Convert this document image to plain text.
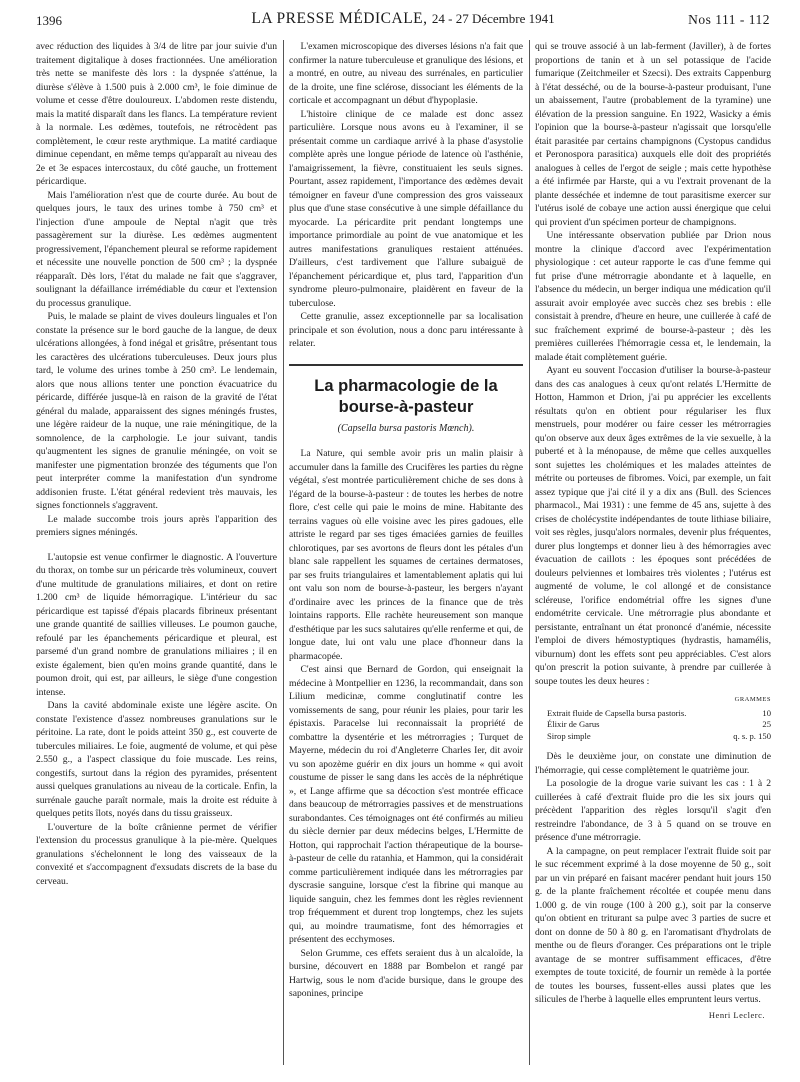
1396	LA PRESSE MÉDICALE, 24 - 27 Décembre 1941	Nos 111 - 112

avec réduction des liquides à 3/4 de litre par jour suivie d'un traitement digitalique à doses fractionnées. Une amélioration très nette se manifeste dès lors : la dyspnée s'atténue, la diurèse s'élève à 1.500 puis à 2.000 cm³, le foie diminue de volume et cesse d'être douloureux. L'abdomen reste distendu, mais la matité disparaît dans les flancs. La température revient à la normale. Les œdèmes, toutefois, ne rétrocèdent pas complètement, le cœur reste arythmique. La matité cardiaque diminue cependant, en même temps qu'apparaît au niveau des 2e et 3e espaces intercostaux, du côté gauche, un frottement péricardique.

Mais l'amélioration n'est que de courte durée. Au bout de quelques jours, le taux des urines tombe à 750 cm³ et l'injection d'une ampoule de Neptal n'agit que très passagèrement sur la diurèse. Les œdèmes augmentent progressivement, l'épanchement pleural se reforme rapidement et nécessite une nouvelle ponction de 500 cm³ ; la dyspnée réapparaît. Dès lors, l'état du malade ne fait que s'aggraver, soulignant la défaillance irrémédiable du cœur et l'extension du processus granulique.

Puis, le malade se plaint de vives douleurs linguales et l'on constate la présence sur le bord gauche de la langue, de deux ulcérations allongées, à fond inégal et grisâtre, présentant tous les caractères des ulcérations tuberculeuses. Deux jours plus tard, le volume des urines tombe à 250 cm³. Le lendemain, alors que nous allions tenter une ponction évacuatrice du péricarde, différée jusque-là en raison de la gravité de l'état général du malade, apparaissent des signes méningés frustes, une légère raideur de la nuque, une raie méningitique, de la somnolence, de la carphologie. Le jour suivant, tandis qu'augmentent les signes de granulie méningée, on voit se manifester une pigmentation bronzée des téguments que l'on peut interpréter comme la manifestation d'un syndrome addisonien fruste. L'état général redevient très mauvais, les signes fonctionnels s'aggravent.

Le malade succombe trois jours après l'apparition des premiers signes méningés.

L'autopsie est venue confirmer le diagnostic. A l'ouverture du thorax, on tombe sur un péricarde très volumineux, couvert d'une multitude de granulations miliaires, et dont on retire 1.200 cm³ de liquide hémorragique. L'intérieur du sac péricardique est tapissé d'épais placards fibrineux présentant une grande quantité de saillies villeuses. Le poumon gauche, refoulé par les épanchements péricardique et pleural, est parsemé d'un grand nombre de granulations miliaires ; il en existe également, bien qu'en moins grande quantité, dans le poumon droit, qui est, par ailleurs, le siège d'une congestion intense.

Dans la cavité abdominale existe une légère ascite. On constate l'existence d'assez nombreuses granulations sur le péritoine. La rate, dont le poids atteint 350 g., est couverte de tubercules miliaires. Le foie, augmenté de volume, et qui pèse 2.550 g., a l'aspect classique du foie muscade. Les reins, congestifs, surtout dans la région des pyramides, présentent aussi quelques granulations au niveau de la corticale. Enfin, la surrénale gauche paraît normale, mais la droite est réduite à quelques petits îlots, noyés dans du tissu graisseux.

L'ouverture de la boîte crânienne permet de vérifier l'extension du processus granulique à la pie-mère. Quelques granulations s'échelonnent le long des vaisseaux de la convexité et s'accompagnent d'exsudats discrets de la base du cerveau.

L'examen microscopique des diverses lésions n'a fait que confirmer la nature tuberculeuse et granulique des lésions, et a montré, en outre, au niveau des surrénales, en particulier de la droite, une fine sclérose, dissociant les éléments de la corticale et accompagnant un début d'hypoplasie.

L'histoire clinique de ce malade est donc assez particulière. Lorsque nous avons eu à l'examiner, il se présentait comme un cardiaque arrivé à la phase d'asystolie complète après une longue période de latence où l'asthénie, l'amaigrissement, la fièvre, constituaient les seuls signes. Pourtant, assez rapidement, l'importance des œdèmes devait témoigner en faveur d'une compression des gros vaisseaux plus que d'une stase consécutive à une simple défaillance du myocarde. La péricardite prit pendant longtemps une importance primordiale au point de vue anatomique et les autres manifestations granuliques restaient atténuées. D'ailleurs, c'est tardivement que l'allure subaiguë de l'épanchement péricardique et, plus tard, l'apparition d'un syndrome pleuro-pulmonaire, plaidèrent en faveur de la tuberculose.

Cette granulie, assez exceptionnelle par sa localisation principale et son évolution, nous a donc paru intéressante à relater.

La pharmacologie de la bourse-à-pasteur
(Capsella bursa pastoris Mœnch).

La Nature, qui semble avoir pris un malin plaisir à accumuler dans la famille des Crucifères les parties du règne végétal, s'est montrée particulièrement chiche de ses dons à l'égard de la bourse-à-pasteur : de toutes les herbes de notre flore, c'est celle qui paie le moins de mine. Habitante des terrains vagues où elle voisine avec les pires gadoues, elle attriste le regard par ses tiges émaciées garnies de feuilles chlorotiques, par ses avortons de fleurs dont les pétales d'un blanc sale rappellent les squames de certaines dermatoses, par ses fruits triangulaires et lamentablement aplatis qui lui ont valu son nom de bourse-à-pasteur, les bergers n'ayant d'ordinaire avec les princes de la finance que de très lointains rapports. Elle rachète heureusement son manque d'esthétique par les sucs salutaires qu'elle renferme et qui, de longue date, lui ont valu une place d'honneur dans la pharmacopée.

C'est ainsi que Bernard de Gordon, qui enseignait la médecine à Montpellier en 1236, la recommandait, dans son Lilium medicinæ, comme conglutinatif contre les vomissements de sang, pour réunir les plaies, pour tarir les épistaxis. Paracelse lui reconnaissait la propriété de combattre la dysentérie et les métrorragies ; Turquet de Mayerne, médecin du roi d'Angleterre Charles Ier, dit avoir vu son apozème guérir en dix jours un homme « qui avoit coustume de pisser le sang dans les accès de la néphrétique », et Lange affirme que sa décoction s'est montrée efficace dans beaucoup de métrorragies passives et de menstruations surabondantes. Ces témoignages ont été confirmés au milieu du siècle dernier par deux médecins belges, L'Hermitte de Hotton, qui rapprochait l'action thérapeutique de la bourse-à-pasteur de celle du ratanhia, et Hammon, qui la considérait comme particulièrement indiquée dans les métrorragies par dyscrasie sanguine, lorsque c'est la fibrine qui manque au liquide sanguin, chez les femmes dont les règles reviennent trop fréquemment et durent trop longtemps, chez les sujets qui, au moindre traumatisme, font des hémorragies et présentent des ecchymoses.

Selon Grumme, ces effets seraient dus à un alcaloïde, la bursine, découvert en 1888 par Bombelon et rangé par Hartwig, sous le nom d'acide bursique, dans le groupe des saponines, principe

qui se trouve associé à un lab-ferment (Javiller), à de fortes proportions de tanin et à un sel potassique de l'acide fumarique (Zeitchmeiler et Szecsi). Des extraits Cappenburg à l'état desséché, ou de la bourse-à-pasteur produisant, l'une un abaissement, l'autre (probablement de la tyramine) une élévation de la pression sanguine. En 1922, Wasicky a émis l'opinion que la bourse-à-pasteur n'agissait que lorsqu'elle était parasitée par certains champignons (Cystopus candidus et Peronospora parasitica) auxquels elle doit des propriétés analogues à celles de l'ergot de seigle ; mais cette hypothèse a été infirmée par Harste, qui a vu l'extrait provenant de la plante desséchée et indemne de tout parasitisme exercer sur l'utérus isolé de cobaye une action aussi énergique que celui qui provient d'un spécimen porteur de champignons.

Une intéressante observation publiée par Drion nous montre la clinique d'accord avec l'expérimentation physiologique : cet auteur rapporte le cas d'une femme qui fut prise d'une métrorragie abondante et à laquelle, en l'absence du médecin, un berger indiqua une médication qu'il assurait avoir employée avec succès chez ses brebis : elle consistait à prendre, d'heure en heure, une cuillerée à café de suc fraîchement exprimé de bourse-à-pasteur ; dès les premières cuillerées l'hémorragie cessa et, le lendemain, la malade était complètement guérie.

Ayant eu souvent l'occasion d'utiliser la bourse-à-pasteur dans des cas analogues à ceux qu'ont relatés L'Hermitte de Hotton, Hammon et Drion, j'ai pu apprécier les excellents résultats qu'on en obtient pour régulariser les flux menstruels, pour modérer ou faire cesser les métrorragies qu'on observe aux deux âges extrêmes de la vie sexuelle, à la puberté et à la ménopause, de même que celles auxquelles sont sujettes les cholémiques et les malades atteintes de métrite ou porteuses de fibromes. Voici, par exemple, un fait assez typique que j'ai cité il y a dix ans (Bull. des Sciences pharmacol., Mai 1931) : une femme de 45 ans, sujette à des crises de cholécystite indépendantes de toute lithiase biliaire, voit ses règles, jusqu'alors normales, devenir plus fréquentes, durer plus longtemps et donner lieu à des hémorragies avec évacuation de caillots : les époques sont précédées de douleurs pelviennes et lombaires très violentes ; l'utérus est augmenté de volume, le col allongé et de consistance scléreuse, l'orifice endométrial offre les signes d'une endométrite cervicale. Une métrorragie plus abondante et persistante, entraînant un état prononcé d'anémie, nécessite l'emploi de divers hémostyptiques (hydrastis, hamamélis, viburnum) dont les effets sont peu appréciables. C'est alors qu'on prescrit la potion suivante, à prendre par cuillerée à soupe toutes les deux heures :

GRAMMES
Extrait fluide de Capsella bursa pastoris.	10
Élixir de Garus	25
Sirop simple	q. s. p. 150

Dès le deuxième jour, on constate une diminution de l'hémorragie, qui cesse complètement le quatrième jour.

La posologie de la drogue varie suivant les cas : 1 à 2 cuillerées à café d'extrait fluide pro die les six jours qui précèdent l'apparition des règles lorsqu'il s'agit d'en restreindre l'abondance, de 3 à 5 quand on se trouve en présence d'une métrorragie.

A la campagne, on peut remplacer l'extrait fluide soit par le suc récemment exprimé à la dose moyenne de 50 g., soit par un vin préparé en faisant macérer pendant huit jours 150 g. de la plante fraîchement récoltée et coupée menu dans 1.000 g. de vin rouge (100 à 200 g.), soit par la conserve qu'on obtient en triturant sa pulpe avec 3 parties de sucre et dont on donne de 50 à 80 g. en l'aromatisant d'hydrolats de menthe ou de fleurs d'oranger. Ces préparations ont le triple avantage de se montrer suffisamment efficaces, d'être exemptes de toute toxicité, de fournir un remède à la portée de toutes les bourses, fussent-elles aussi plates que les silicules de l'herbe à laquelle elles empruntent leurs vertus.

Henri Leclerc.
